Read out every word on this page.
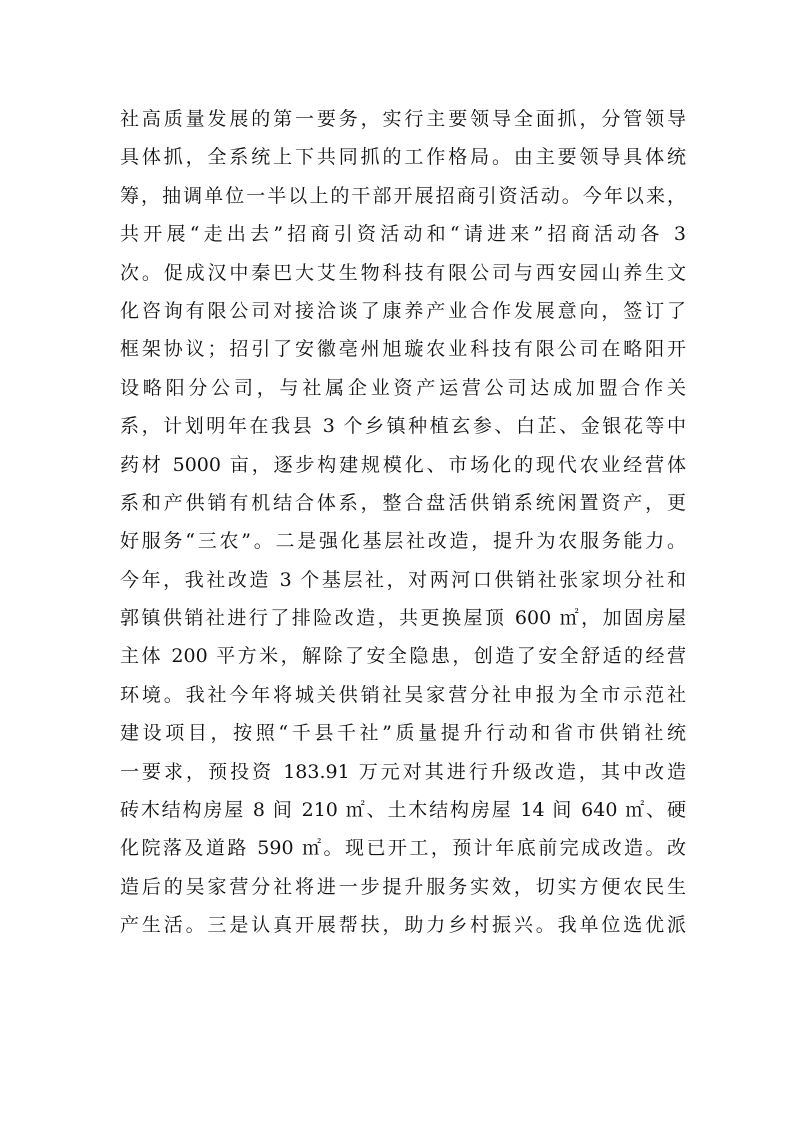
社高质量发展的第一要务，实行主要领导全面抓，分管领导
具体抓，全系统上下共同抓的工作格局。由主要领导具体统
筹，抽调单位一半以上的干部开展招商引资活动。今年以来，
共开展“走出去”招商引资活动和“请进来”招商活动各 3
次。促成汉中秦巴大艾生物科技有限公司与西安园山养生文
化咨询有限公司对接洽谈了康养产业合作发展意向，签订了
框架协议；招引了安徽亳州旭璇农业科技有限公司在略阳开
设略阳分公司，与社属企业资产运营公司达成加盟合作关
系，计划明年在我县 3 个乡镇种植玄参、白芷、金银花等中
药材 5000 亩，逐步构建规模化、市场化的现代农业经营体
系和产供销有机结合体系，整合盘活供销系统闲置资产，更
好服务“三农”。二是强化基层社改造，提升为农服务能力。
今年，我社改造 3 个基层社，对两河口供销社张家坝分社和
郭镇供销社进行了排险改造，共更换屋顶 600 ㎡，加固房屋
主体 200 平方米，解除了安全隐患，创造了安全舒适的经营
环境。我社今年将城关供销社吴家营分社申报为全市示范社
建设项目，按照“千县千社”质量提升行动和省市供销社统
一要求，预投资 183.91 万元对其进行升级改造，其中改造
砖木结构房屋 8 间 210 ㎡、土木结构房屋 14 间 640 ㎡、硬
化院落及道路 590 ㎡。现已开工，预计年底前完成改造。改
造后的吴家营分社将进一步提升服务实效，切实方便农民生
产生活。三是认真开展帮扶，助力乡村振兴。我单位选优派
